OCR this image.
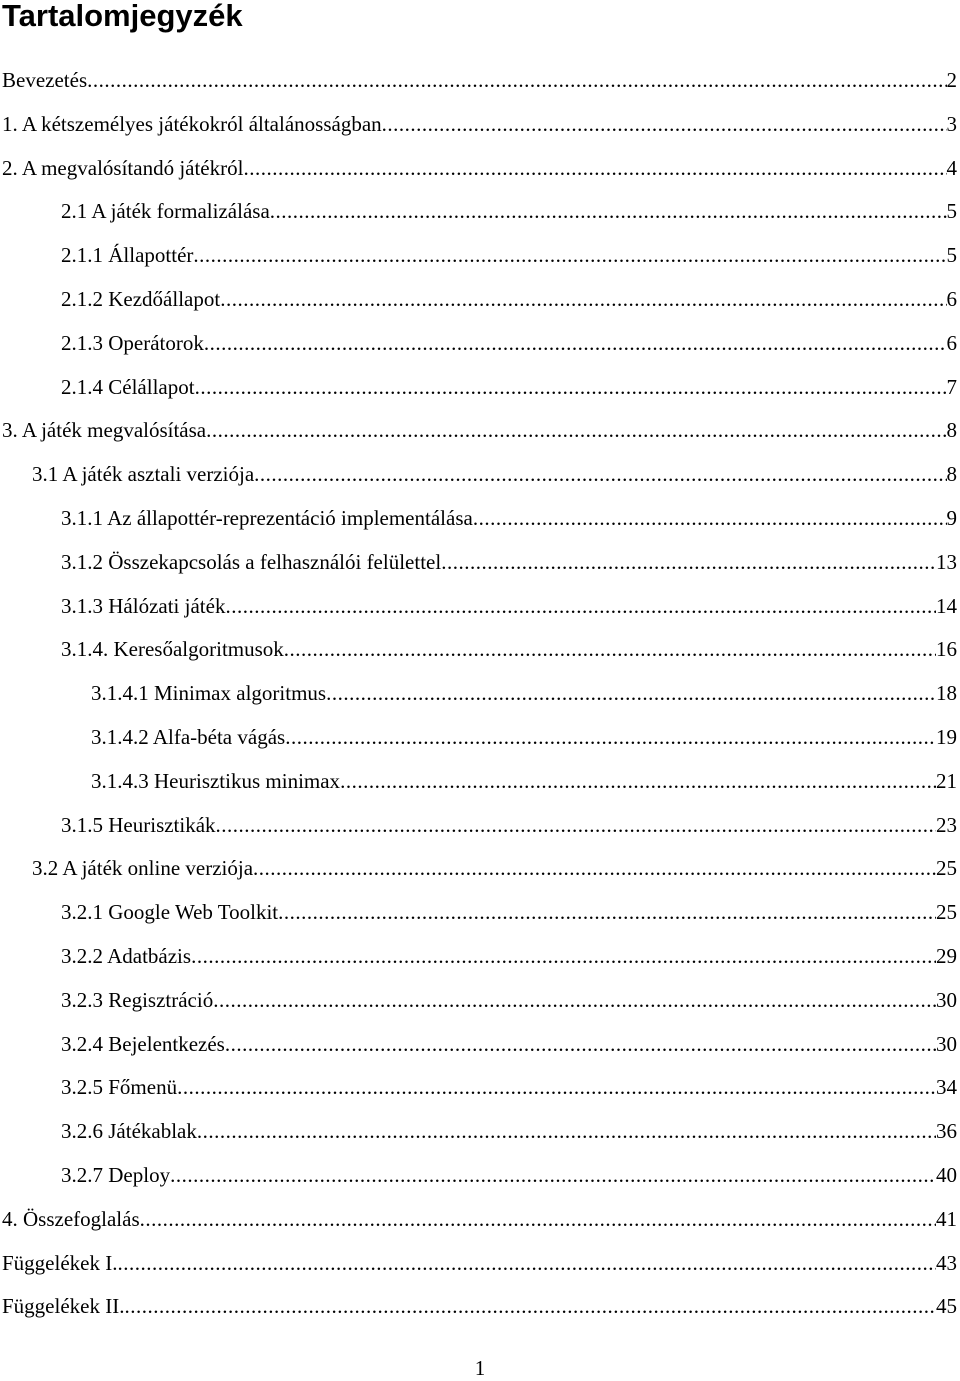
Tartalomjegyzék
Bevezetés .....	2
1. A kétszemélyes játékokról általánosságban .....	3
2. A megvalósítandó játékról .....	4
2.1 A játék formalizálása .....	5
2.1.1 Állapottér .....	5
2.1.2 Kezdőállapot .....	6
2.1.3 Operátorok .....	6
2.1.4 Célállapot .....	7
3. A játék megvalósítása .....	8
3.1 A játék asztali verziója .....	8
3.1.1 Az állapottér-reprezentáció implementálása .....	9
3.1.2 Összekapcsolás a felhasználói felülettel .....	13
3.1.3 Hálózati játék .....	14
3.1.4. Keresőalgoritmusok .....	16
3.1.4.1 Minimax algoritmus .....	18
3.1.4.2 Alfa-béta vágás .....	19
3.1.4.3 Heurisztikus minimax .....	21
3.1.5 Heurisztikák .....	23
3.2 A játék online verziója .....	25
3.2.1 Google Web Toolkit .....	25
3.2.2 Adatbázis .....	29
3.2.3 Regisztráció .....	30
3.2.4 Bejelentkezés .....	30
3.2.5 Főmenü .....	34
3.2.6 Játékablak .....	36
3.2.7 Deploy .....	40
4. Összefoglalás .....	41
Függelékek I. .....	43
Függelékek II. .....	45
1
